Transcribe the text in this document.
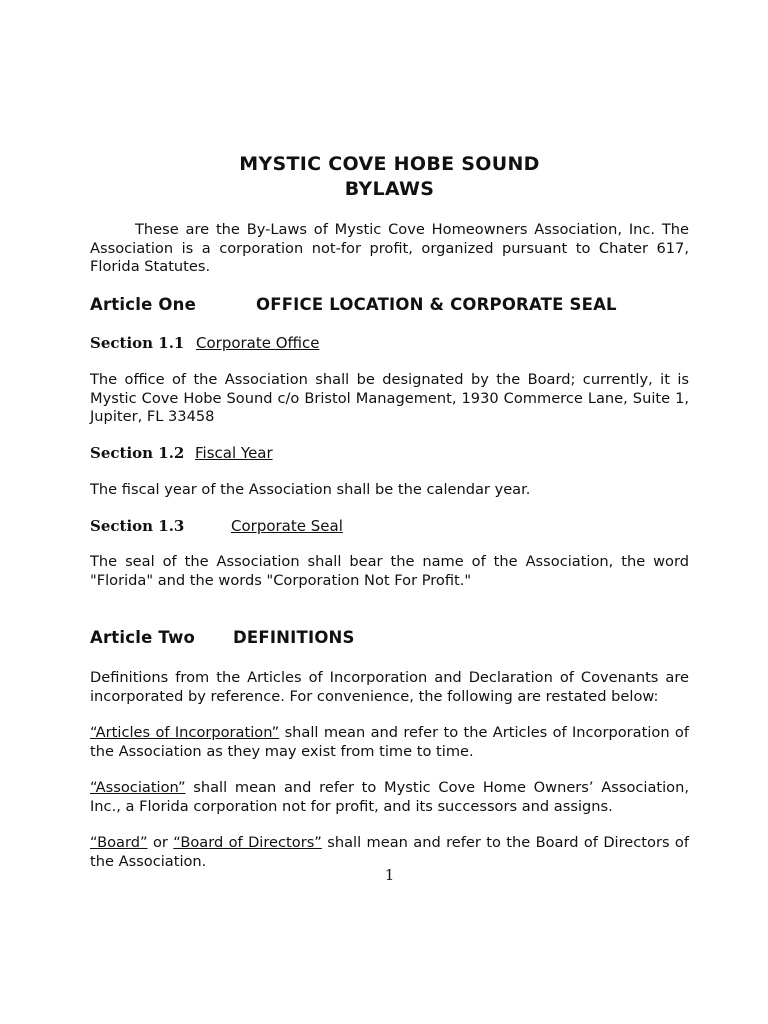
MYSTIC COVE HOBE SOUND
BYLAWS

These are the By-Laws of Mystic Cove Homeowners Association, Inc. The Association is a corporation not-for profit, organized pursuant to Chater 617, Florida Statutes.

Article One	OFFICE LOCATION & CORPORATE SEAL
Section 1.1 Corporate Office

The office of the Association shall be designated by the Board; currently, it is Mystic Cove Hobe Sound c/o Bristol Management, 1930 Commerce Lane, Suite 1, Jupiter, FL 33458

Section 1.2 Fiscal Year

The fiscal year of the Association shall be the calendar year.

Section 1.3	Corporate Seal

The seal of the Association shall bear the name of the Association, the word "Florida" and the words "Corporation Not For Profit."

Article Two DEFINITIONS

Definitions from the Articles of Incorporation and Declaration of Covenants are incorporated by reference. For convenience, the following are restated below:

“Articles of Incorporation” shall mean and refer to the Articles of Incorporation of the Association as they may exist from time to time.

“Association” shall mean and refer to Mystic Cove Home Owners’ Association, Inc., a Florida corporation not for profit, and its successors and assigns.

“Board” or “Board of Directors” shall mean and refer to the Board of Directors of the Association.

1
